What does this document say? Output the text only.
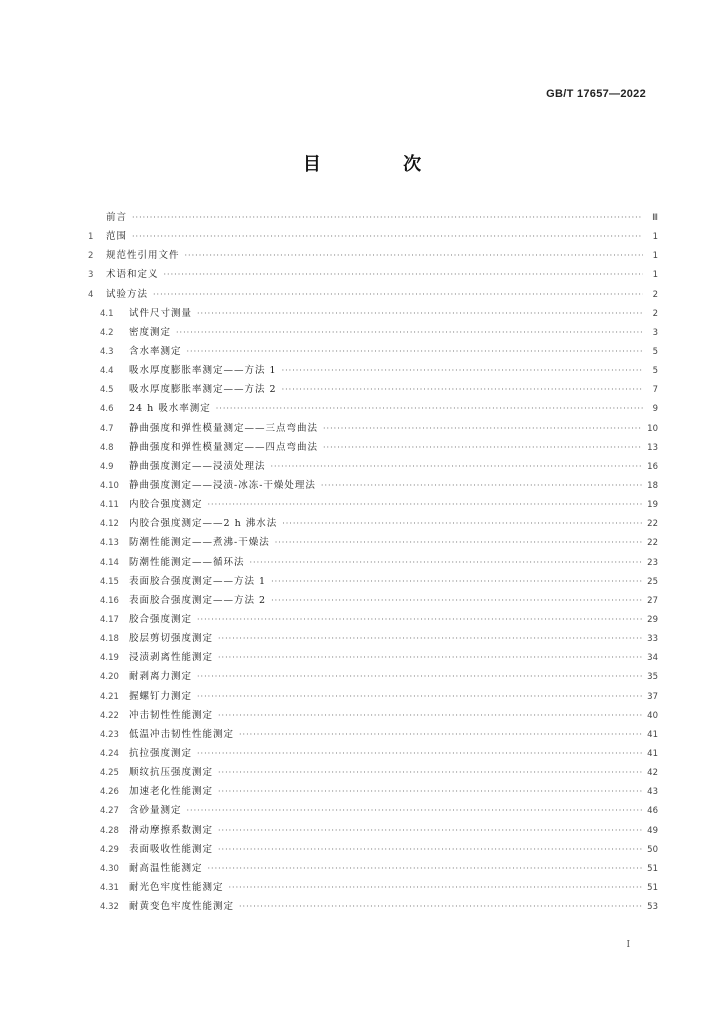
GB/T 17657—2022
目 次
前言 ·····	Ⅲ
1	范围 ·····	1
2	规范性引用文件 ·····	1
3	术语和定义 ·····	1
4	试验方法 ·····	2
4.1	试件尺寸测量 ·····	2
4.2	密度测定 ·····	3
4.3	含水率测定 ·····	5
4.4	吸水厚度膨胀率测定——方法 1 ·····	5
4.5	吸水厚度膨胀率测定——方法 2 ·····	7
4.6	24 h 吸水率测定 ·····	9
4.7	静曲强度和弹性模量测定——三点弯曲法 ·····	10
4.8	静曲强度和弹性模量测定——四点弯曲法 ·····	13
4.9	静曲强度测定——浸渍处理法 ·····	16
4.10	静曲强度测定——浸渍-冰冻-干燥处理法 ·····	18
4.11	内胶合强度测定 ·····	19
4.12	内胶合强度测定——2 h 沸水法 ·····	22
4.13	防潮性能测定——煮沸-干燥法 ·····	22
4.14	防潮性能测定——循环法 ·····	23
4.15	表面胶合强度测定——方法 1 ·····	25
4.16	表面胶合强度测定——方法 2 ·····	27
4.17	胶合强度测定 ·····	29
4.18	胶层剪切强度测定 ·····	33
4.19	浸渍剥离性能测定 ·····	34
4.20	耐剥离力测定 ·····	35
4.21	握螺钉力测定 ·····	37
4.22	冲击韧性性能测定 ·····	40
4.23	低温冲击韧性性能测定 ·····	41
4.24	抗拉强度测定 ·····	41
4.25	顺纹抗压强度测定 ·····	42
4.26	加速老化性能测定 ·····	43
4.27	含砂量测定 ·····	46
4.28	滑动摩擦系数测定 ·····	49
4.29	表面吸收性能测定 ·····	50
4.30	耐高温性能测定 ·····	51
4.31	耐光色牢度性能测定 ·····	51
4.32	耐黄变色牢度性能测定 ·····	53
I
